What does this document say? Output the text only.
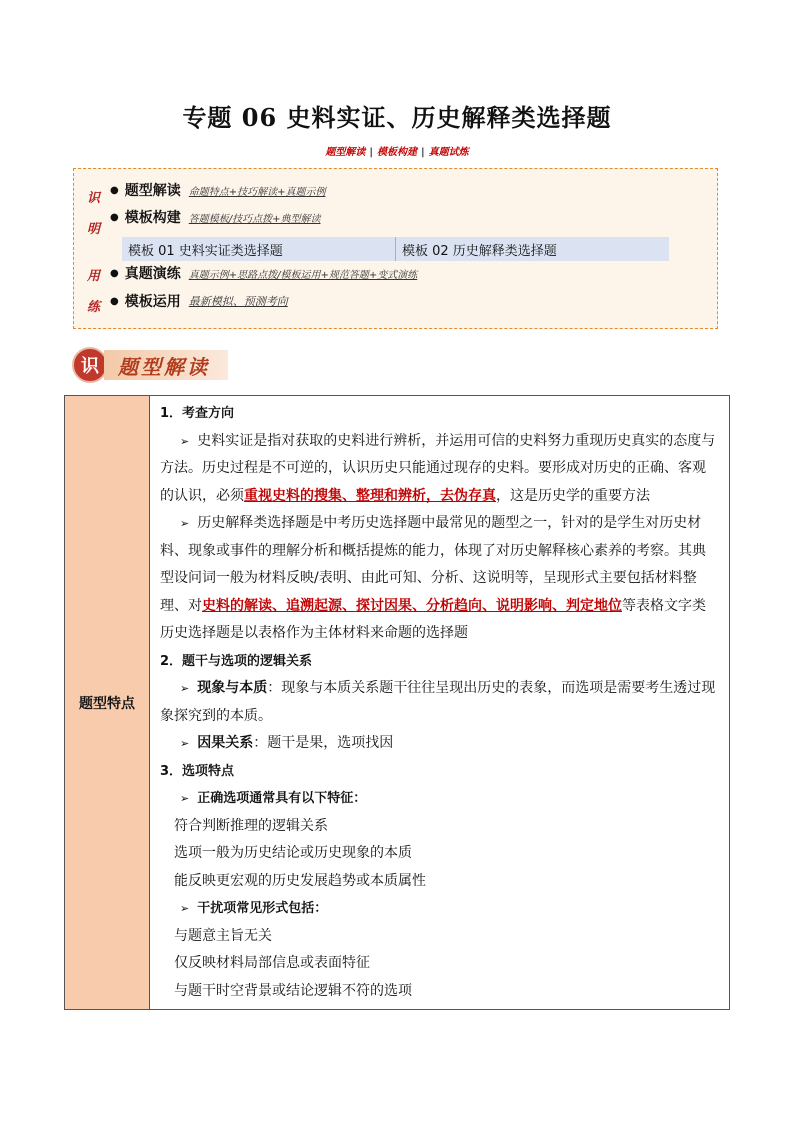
专题 06 史料实证、历史解释类选择题
题型解读 | 模板构建 | 真题试炼
识
明
用
练
● 题型解读 命题特点+技巧解读+真题示例
● 模板构建 答题模板/技巧点拨+典型解读
模板 01 史料实证类选择题	模板 02 历史解释类选择题
● 真题演练 真题示例+思路点拨/模板运用+规范答题+变式演练
● 模板运用 最新模拟、预测考向
识 题型解读
题型特点	
1．考查方向
➢ 史料实证是指对获取的史料进行辨析，并运用可信的史料努力重现历史真实的态度与
方法。历史过程是不可逆的，认识历史只能通过现存的史料。要形成对历史的正确、客观
的认识，必须重视史料的搜集、整理和辨析，去伪存真，这是历史学的重要方法
➢ 历史解释类选择题是中考历史选择题中最常见的题型之一，针对的是学生对历史材
料、现象或事件的理解分析和概括提炼的能力，体现了对历史解释核心素养的考察。其典
型设问词一般为材料反映/表明、由此可知、分析、这说明等，呈现形式主要包括材料整
理、对史料的解读、追溯起源、探讨因果、分析趋向、说明影响、判定地位等表格文字类
历史选择题是以表格作为主体材料来命题的选择题
2．题干与选项的逻辑关系
➢ 现象与本质：现象与本质关系题干往往呈现出历史的表象，而选项是需要考生透过现
象探究到的本质。
➢ 因果关系：题干是果，选项找因
3．选项特点
➢ 正确选项通常具有以下特征：
符合判断推理的逻辑关系
选项一般为历史结论或历史现象的本质
能反映更宏观的历史发展趋势或本质属性
➢ 干扰项常见形式包括：
与题意主旨无关
仅反映材料局部信息或表面特征
与题干时空背景或结论逻辑不符的选项
